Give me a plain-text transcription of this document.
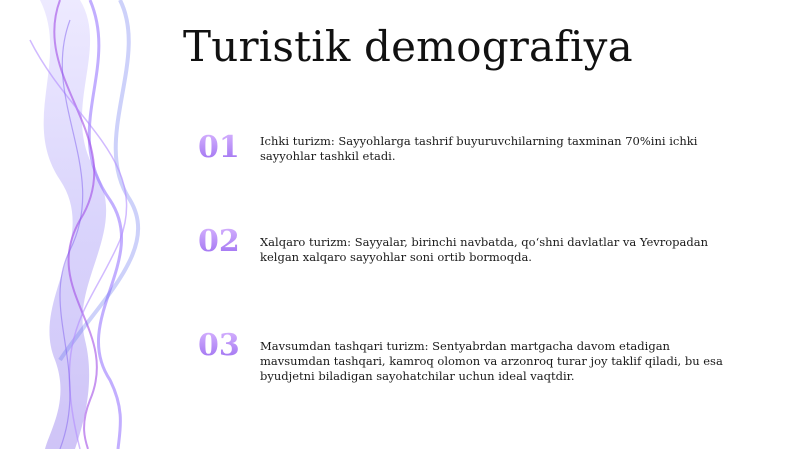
Turistik demografiya
01	Ichki turizm: Sayyohlarga tashrif buyuruvchilarning taxminan 70%ini ichki sayyohlar tashkil etadi.
02	Xalqaro turizm: Sayyalar, birinchi navbatda, qo‘shni davlatlar va Yevropadan kelgan xalqaro sayyohlar soni ortib bormoqda.
03	Mavsumdan tashqari turizm: Sentyabrdan martgacha davom etadigan mavsumdan tashqari, kamroq olomon va arzonroq turar joy taklif qiladi, bu esa byudjetni biladigan sayohatchilar uchun ideal vaqtdir.
